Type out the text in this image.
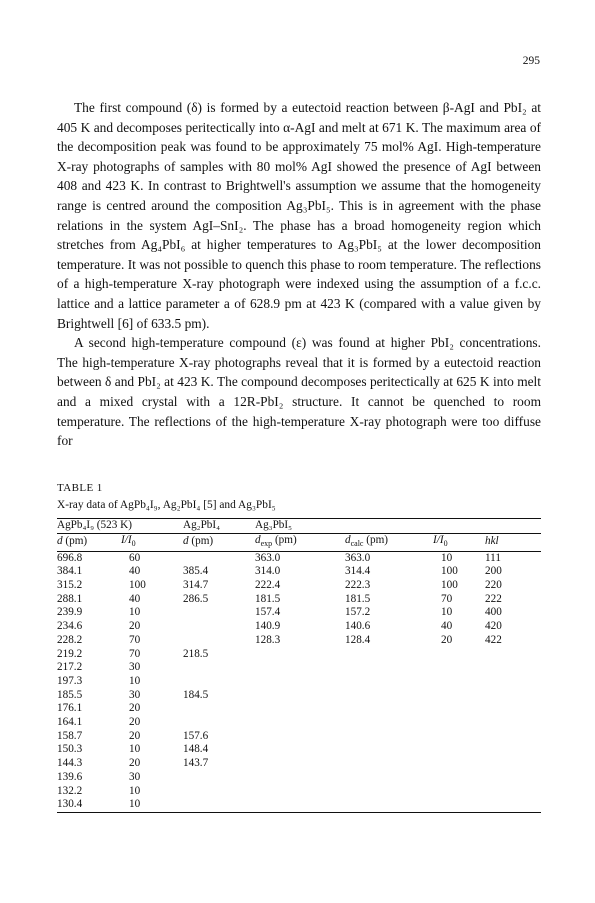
295

The first compound (δ) is formed by a eutectoid reaction between β-AgI and PbI₂ at 405 K and decomposes peritectically into α-AgI and melt at 671 K. The maximum area of the decomposition peak was found to be approximately 75 mol% AgI. High-temperature X-ray photographs of samples with 80 mol% AgI showed the presence of AgI between 408 and 423 K. In contrast to Brightwell's assumption we assume that the homogeneity range is centred around the composition Ag₃PbI₅. This is in agreement with the phase relations in the system AgI–SnI₂. The phase has a broad homogeneity region which stretches from Ag₄PbI₆ at higher temperatures to Ag₃PbI₅ at the lower decomposition temperature. It was not possible to quench this phase to room temperature. The reflections of a high-temperature X-ray photograph were indexed using the assumption of a f.c.c. lattice and a lattice parameter a of 628.9 pm at 423 K (compared with a value given by Brightwell [6] of 633.5 pm).

A second high-temperature compound (ε) was found at higher PbI₂ concentrations. The high-temperature X-ray photographs reveal that it is formed by a eutectoid reaction between δ and PbI₂ at 423 K. The compound decomposes peritectically at 625 K into melt and a mixed crystal with a 12R-PbI₂ structure. It cannot be quenched to room temperature. The reflections of the high-temperature X-ray photograph were too diffuse for

TABLE 1
X-ray data of AgPb₄I₉, Ag₂PbI₄ [5] and Ag₃PbI₅
AgPb₄I₉ (523 K)		Ag₂PbI₄	Ag₃PbI₅			
d (pm)	$I/I_0$	d (pm)	$d_{exp}$ (pm)	$d_{calc}$ (pm)	$I/I_0$	hkl
696.8	60		363.0	363.0	10	111
384.1	40	385.4	314.0	314.4	100	200
315.2	100	314.7	222.4	222.3	100	220
288.1	40	286.5	181.5	181.5	70	222
239.9	10		157.4	157.2	10	400
234.6	20		140.9	140.6	40	420
228.2	70		128.3	128.4	20	422
219.2	70	218.5				
217.2	30					
197.3	10					
185.5	30	184.5				
176.1	20					
164.1	20					
158.7	20	157.6				
150.3	10	148.4				
144.3	20	143.7				
139.6	30					
132.2	10					
130.4	10					
